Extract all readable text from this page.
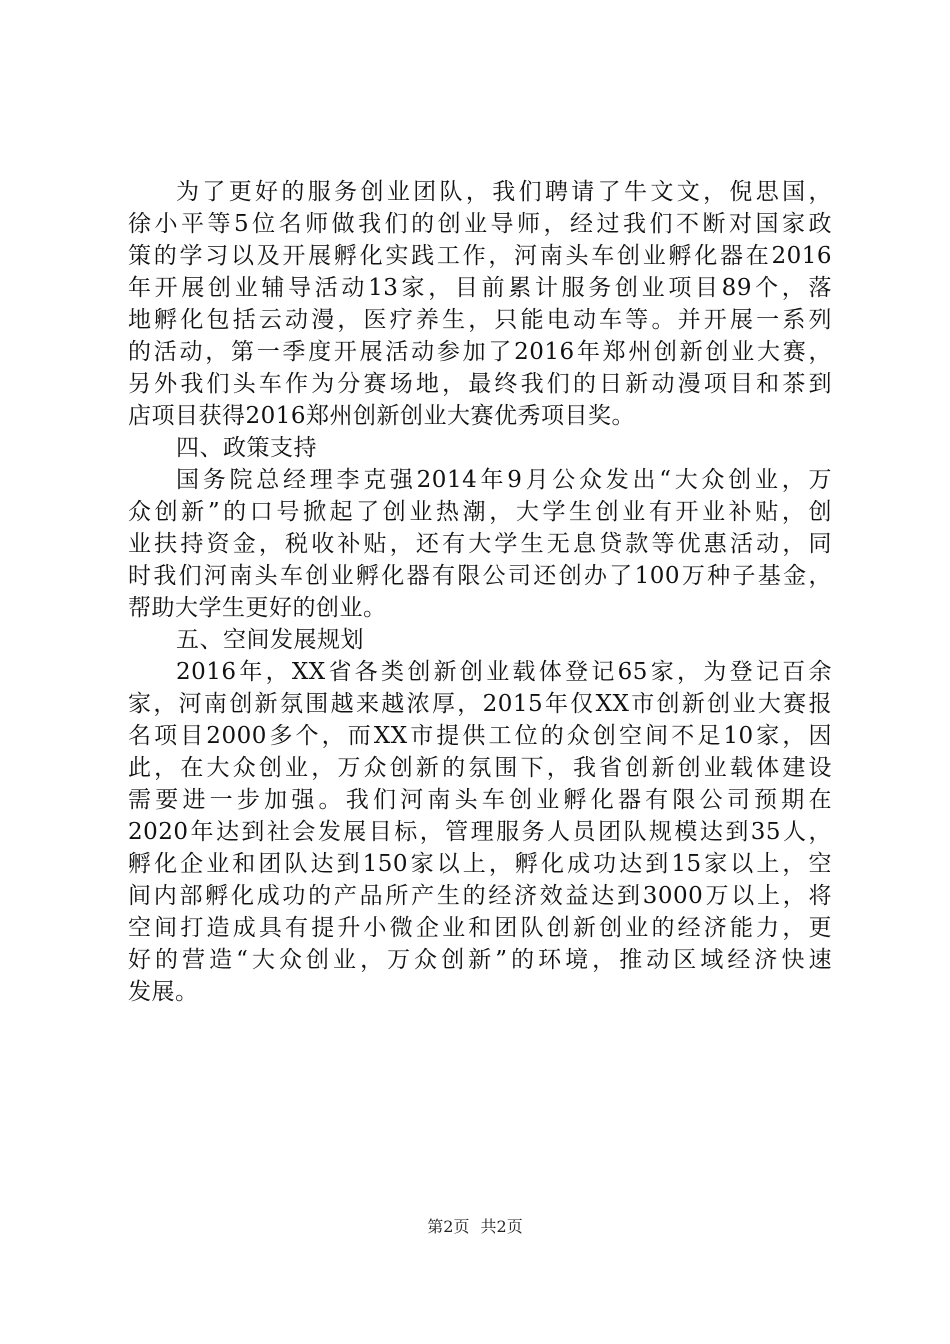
为了更好的服务创业团队，我们聘请了牛文文，倪思国，
徐小平等5位名师做我们的创业导师，经过我们不断对国家政
策的学习以及开展孵化实践工作，河南头车创业孵化器在2016
年开展创业辅导活动13家，目前累计服务创业项目89个，落
地孵化包括云动漫，医疗养生，只能电动车等。并开展一系列
的活动，第一季度开展活动参加了2016年郑州创新创业大赛，
另外我们头车作为分赛场地，最终我们的日新动漫项目和茶到
店项目获得2016郑州创新创业大赛优秀项目奖。
四、政策支持
国务院总经理李克强2014年9月公众发出“大众创业，万
众创新”的口号掀起了创业热潮，大学生创业有开业补贴，创
业扶持资金，税收补贴，还有大学生无息贷款等优惠活动，同
时我们河南头车创业孵化器有限公司还创办了100万种子基金，
帮助大学生更好的创业。
五、空间发展规划
2016年，XX省各类创新创业载体登记65家，为登记百余
家，河南创新氛围越来越浓厚，2015年仅XX市创新创业大赛报
名项目2000多个，而XX市提供工位的众创空间不足10家，因
此，在大众创业，万众创新的氛围下，我省创新创业载体建设
需要进一步加强。我们河南头车创业孵化器有限公司预期在
2020年达到社会发展目标，管理服务人员团队规模达到35人，
孵化企业和团队达到150家以上，孵化成功达到15家以上，空
间内部孵化成功的产品所产生的经济效益达到3000万以上，将
空间打造成具有提升小微企业和团队创新创业的经济能力，更
好的营造“大众创业，万众创新”的环境，推动区域经济快速
发展。
第2页 共2页
